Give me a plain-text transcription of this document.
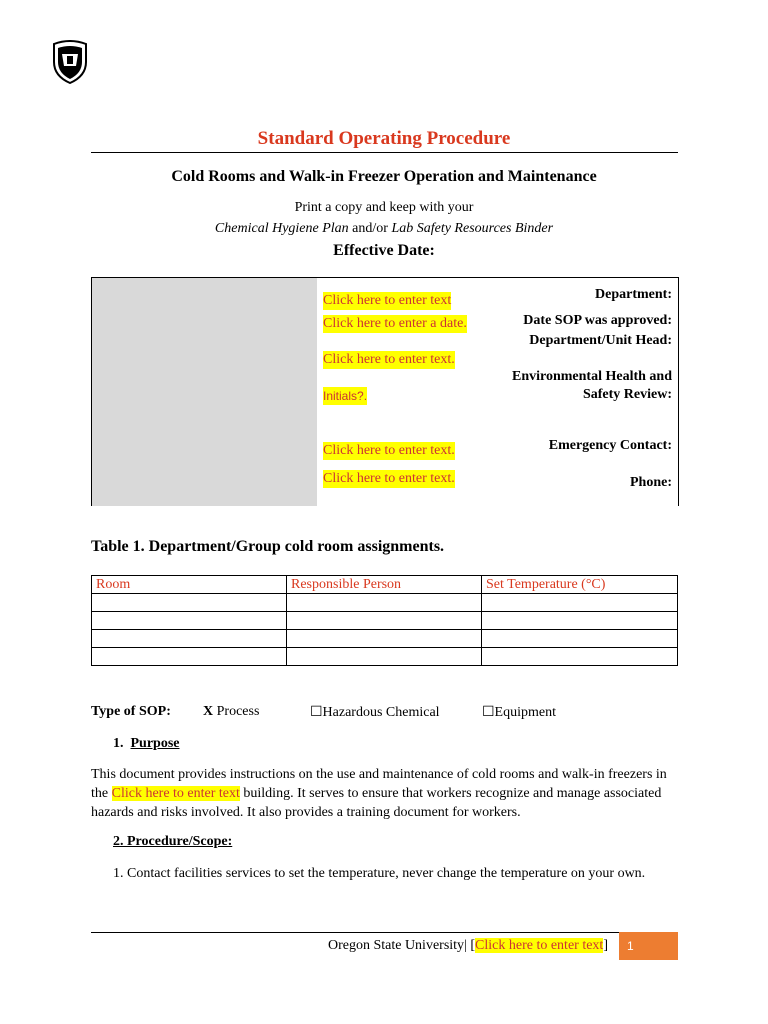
Standard Operating Procedure
Cold Rooms and Walk-in Freezer Operation and Maintenance
Print a copy and keep with your
Chemical Hygiene Plan and/or Lab Safety Resources Binder
Effective Date:
Department:
Click here to enter text
Date SOP was approved:
Click here to enter a date.
Department/Unit Head:
Click here to enter text.
Environmental Health and
Safety Review:
Initials?.
Emergency Contact:
Click here to enter text.
Phone:
Click here to enter text.
Table 1. Department/Group cold room assignments.
Room	Responsible Person	Set Temperature (°C)

Type of SOP: X Process	☐Hazardous Chemical	☐Equipment
1. Purpose
This document provides instructions on the use and maintenance of cold rooms and walk-in freezers in the Click here to enter text building. It serves to ensure that workers recognize and manage associated hazards and risks involved. It also provides a training document for workers.
2. Procedure/Scope:
1. Contact facilities services to set the temperature, never change the temperature on your own.
Oregon State University| [Click here to enter text] 1
